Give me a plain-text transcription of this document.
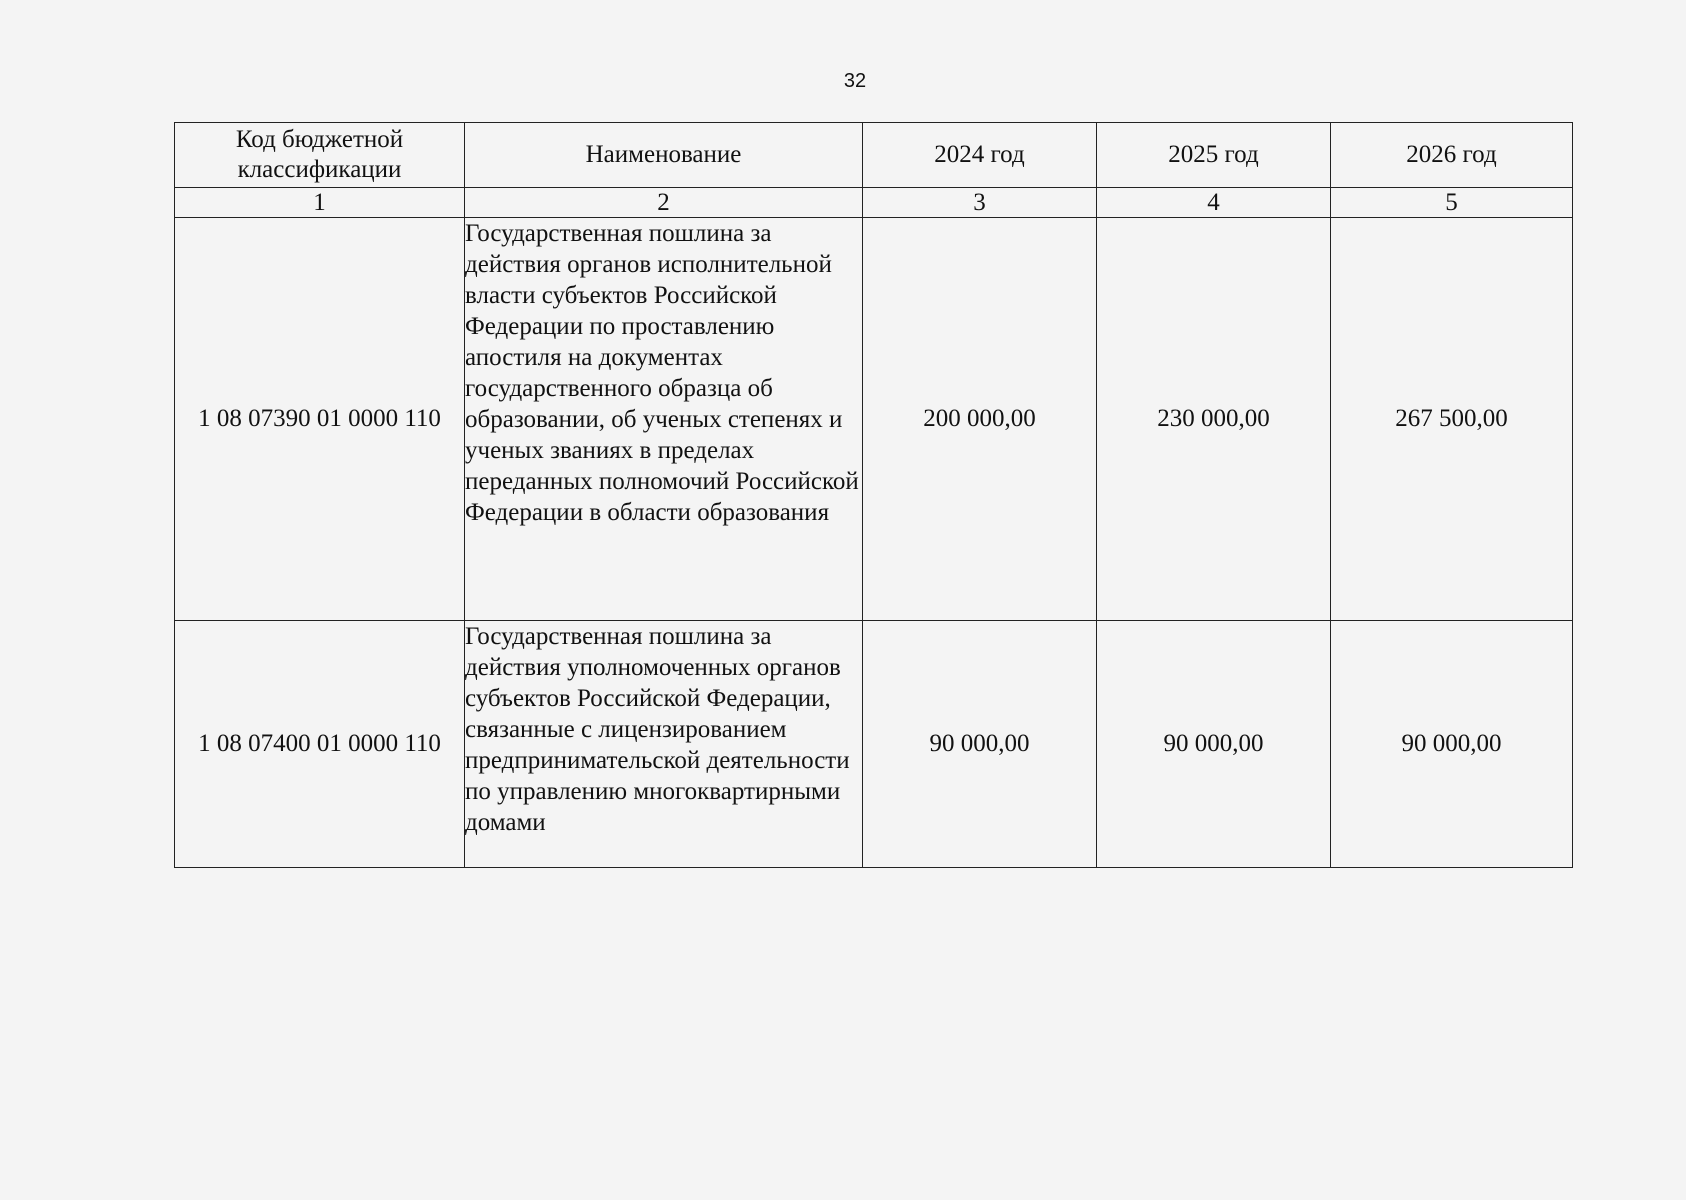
32
Код бюджетной классификации	Наименование	2024 год	2025 год	2026 год
1	2	3	4	5
1 08 07390 01 0000 110	Государственная пошлина за действия органов исполнительной власти субъектов Российской Федерации по проставлению апостиля на документах государственного образца об образовании, об ученых степенях и ученых званиях в пределах переданных полномочий Российской Федерации в области образования	200 000,00	230 000,00	267 500,00
1 08 07400 01 0000 110	Государственная пошлина за действия уполномоченных органов субъектов Российской Федерации, связанные с лицензированием предпринимательской деятельности по управлению многоквартирными домами	90 000,00	90 000,00	90 000,00
